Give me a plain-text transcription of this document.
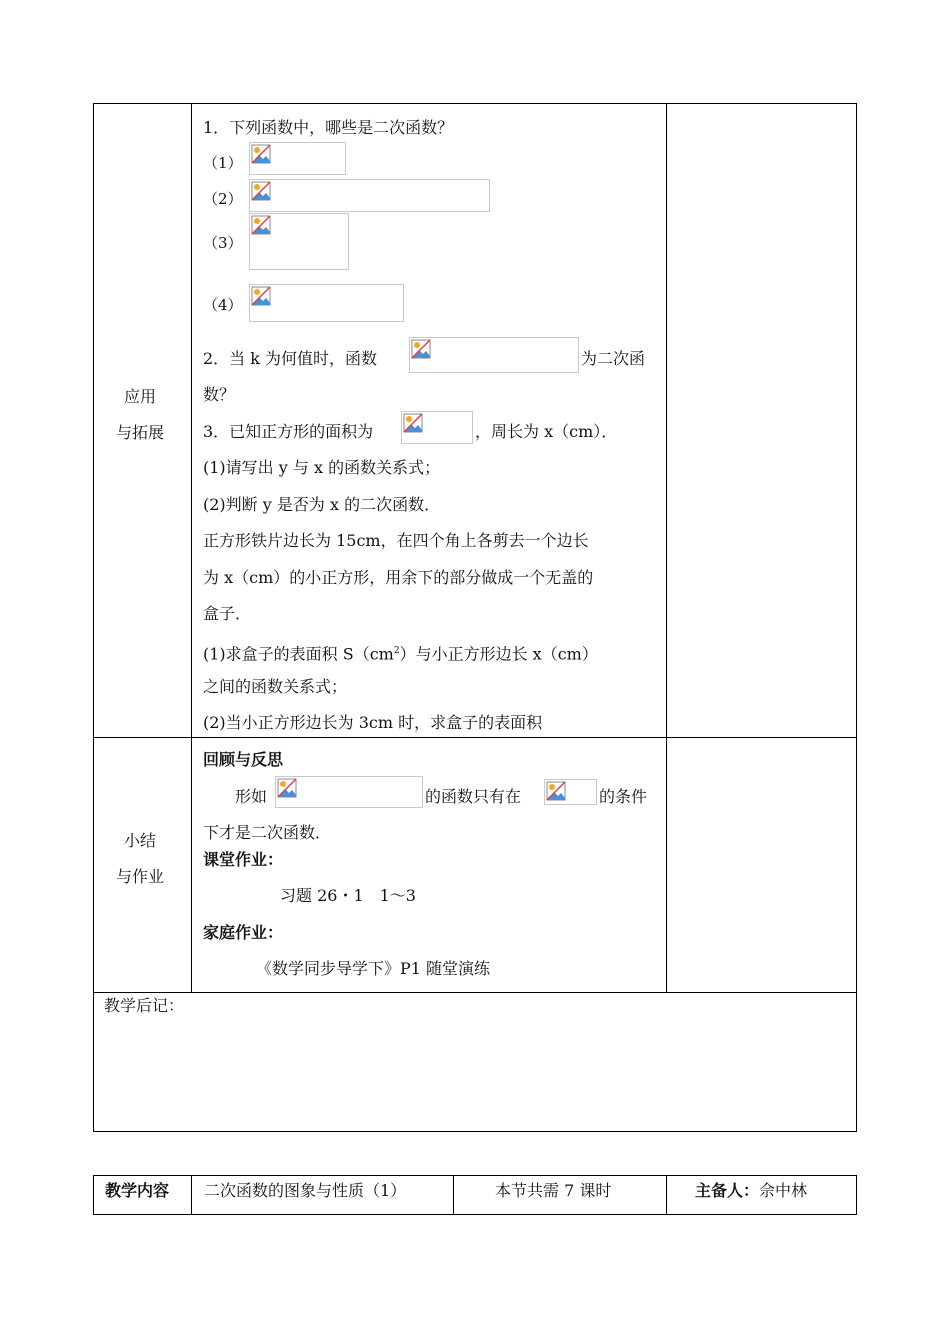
应用
与拓展
1．下列函数中，哪些是二次函数？
（1）
（2）
（3）
（4）
2．当 k 为何值时，函数	为二次函
数？
3．已知正方形的面积为	，周长为 x（cm）．
(1)请写出 y 与 x 的函数关系式；
(2)判断 y 是否为 x 的二次函数．
正方形铁片边长为 15cm，在四个角上各剪去一个边长
为 x（cm）的小正方形，用余下的部分做成一个无盖的
盒子．
(1)求盒子的表面积 $S(cm^2)$与小正方形边长 x（cm）
之间的函数关系式；
(2)当小正方形边长为 3cm 时，求盒子的表面积
小结
与作业
回顾与反思
形如	的函数只有在	的条件
下才是二次函数．
课堂作业：
习题 26・1　1～3
家庭作业：
《数学同步导学下》P1 随堂演练
教学后记：
教学内容 二次函数的图象与性质（1）	本节共需 7 课时	主备人：佘中林
